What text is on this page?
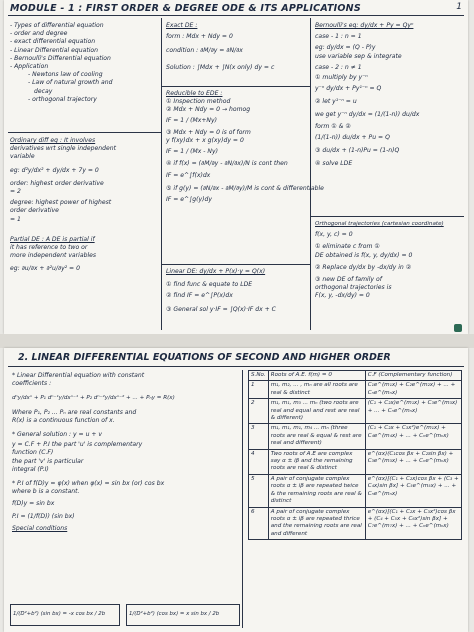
MODULE - 1 : FIRST ORDER & DEGREE ODE & ITS APPLICATIONS	1
- Types of differential equation
- order and degree
- exact differential equation
- Linear Differential equation
- Bernoulli's Differential equation
- Application
- Newtons law of cooling
- Law of natural growth and
decay
- orthogonal trajectory
Ordinary diff eq : It involves
derivatives wrt single independent
variable
eg: d²y/dx² + dy/dx + 7y = 0
order: highest order derivative
= 2
degree: highest power of highest
order derivative
= 1
Partial DE : A DE is partial if
it has reference to two or
more independent variables
eg: ∂u/∂x + ∂²u/∂y² = 0
Exact DE :
form : Mdx + Ndy = 0
condition : ∂M/∂y = ∂N/∂x
Solution : ∫Mdx + ∫N(x only) dy = c
Reducible to EDE :
① Inspection method
② Mdx + Ndy = 0 → homog
IF = 1 / (Mx+Ny)
③ Mdx + Ndy = 0 is of form
y f(xy)dx + x g(xy)dy = 0
IF = 1 / (Mx - Ny)
④ if f(x) = (∂M/∂y - ∂N/∂x)/N is cont then
IF = e^∫f(x)dx
⑤ if g(y) = (∂N/∂x - ∂M/∂y)/M is cont & differentiable
IF = e^∫g(y)dy
Linear DE: dy/dx + P(x)·y = Q(x)
① find func & equate to LDE
② find IF = e^∫P(x)dx
③ General sol y·IF = ∫Q(x)·IF dx + C
Bernoulli's eq: dy/dx + Py = Qyⁿ
case - 1 : n = 1
eg: dy/dx = (Q - P)y
use variable sep & integrate
case - 2 : n ≠ 1
① multiply by y⁻ⁿ
y⁻ⁿ dy/dx + Py¹⁻ⁿ = Q
② let y¹⁻ⁿ = u
we get y⁻ⁿ dy/dx = (1/(1-n)) du/dx
form ① & ②
(1/(1-n)) du/dx + Pu = Q
③ du/dx + (1-n)Pu = (1-n)Q
④ solve LDE
Orthogonal trajectories (cartesian coordinate)
f(x, y, c) = 0
① eliminate c from ①
DE obtained is f(x, y, dy/dx) = 0
② Replace dy/dx by -dx/dy in ②
③ new DE of family of
orthogonal trajectories is
F(x, y, -dx/dy) = 0
2. LINEAR DIFFERENTIAL EQUATIONS OF SECOND AND HIGHER ORDER
* Linear Differential equation with constant
coefficients :
dⁿy/dxⁿ + P₁ dⁿ⁻¹y/dxⁿ⁻¹ + P₂ dⁿ⁻²y/dxⁿ⁻² + ... + Pₙy = R(x)
Where P₁, P₂ ... Pₙ are real constants and
R(x) is a continuous function of x.
* General solution : y = u + v
y = C.F + P.I the part 'u' is complementary
function (C.F)
the part 'v' is particular
integral (P.I)
* P.I of f(D)y = φ(x) when φ(x) = sin bx (or) cos bx
where b is a constant.
f(D)y = sin bx
P.I = (1/f(D)) (sin bx)
Special conditions
1/(D²+b²) (sin bx) = -x cos bx / 2b	1/(D²+b²) (cos bx) = x sin bx / 2b
S.No.	Roots of A.E. f(m) = 0	C.F (Complementary function)
1	m₁, m₂, ... , mₙ are all roots are real & distinct	C₁e^(m₁x) + C₂e^(m₂x) + ... + Cₙe^(mₙx)
2	m₁, m₁, m₃ ... mₙ (two roots are real and equal and rest are real & different)	(C₁ + C₂x)e^(m₁x) + C₃e^(m₃x) + ... + Cₙe^(mₙx)
3	m₁, m₁, m₁, m₄ ... mₙ (three roots are real & equal & rest are real and different)	(C₁ + C₂x + C₃x²)e^(m₁x) + C₄e^(m₄x) + ... + Cₙe^(mₙx)
4	Two roots of A.E are complex say α ± iβ and the remaining roots are real & distinct	e^(αx)(C₁cos βx + C₂sin βx) + C₃e^(m₃x) + ... + Cₙe^(mₙx)
5	A pair of conjugate complex roots α ± iβ are repeated twice & the remaining roots are real & distinct	e^(αx)[(C₁ + C₂x)cos βx + (C₃ + C₄x)sin βx] + C₅e^(m₅x) + ... + Cₙe^(mₙx)
6	A pair of conjugate complex roots α ± iβ are repeated thrice and the remaining roots are real and different	e^(αx)[(C₁ + C₂x + C₃x²)cos βx + (C₄ + C₅x + C₆x²)sin βx] + C₇e^(m₇x) + ... + Cₙe^(mₙx)
